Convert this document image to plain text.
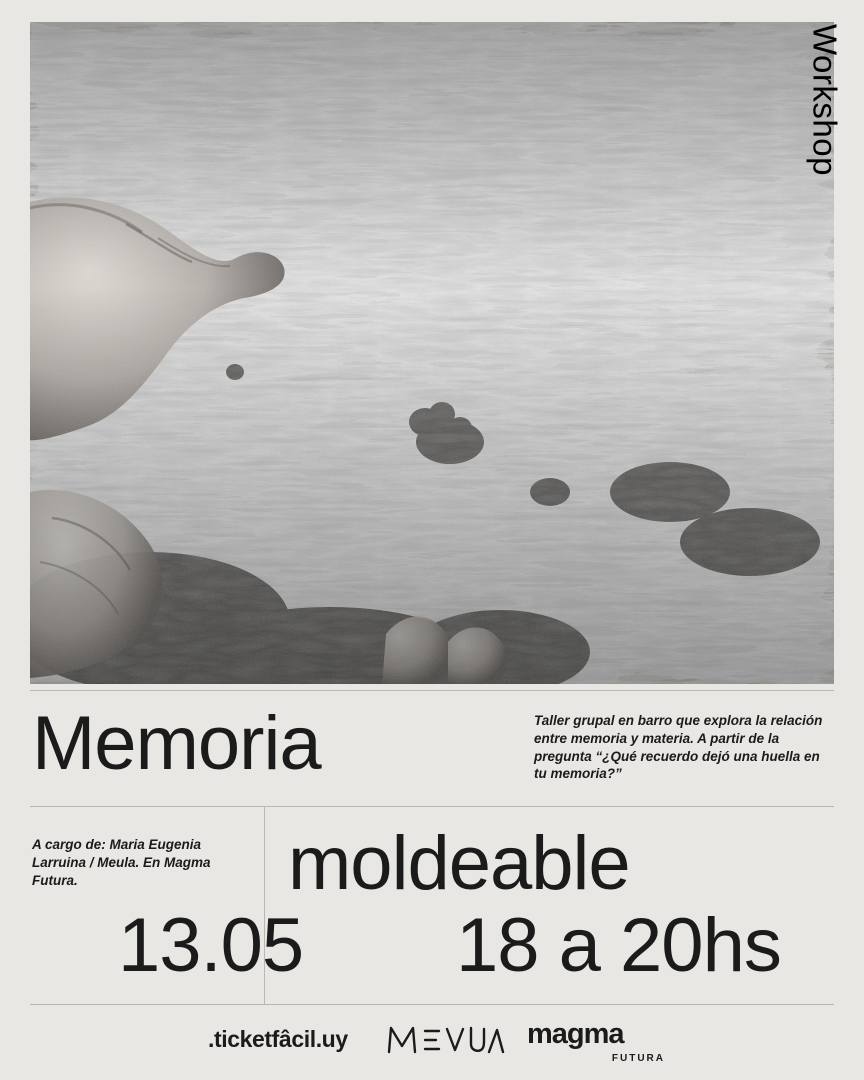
Workshop
Memoria	Taller grupal en barro que explora la relación entre memoria y materia. A partir de la pregunta “¿Qué recuerdo dejó una huella en tu memoria?”
A cargo de: Maria Eugenia Larruina / Meula. En Magma Futura.	moldeable
13.05 18 a 20hs
.ticketfâcil.uy	magma
FUTURA
